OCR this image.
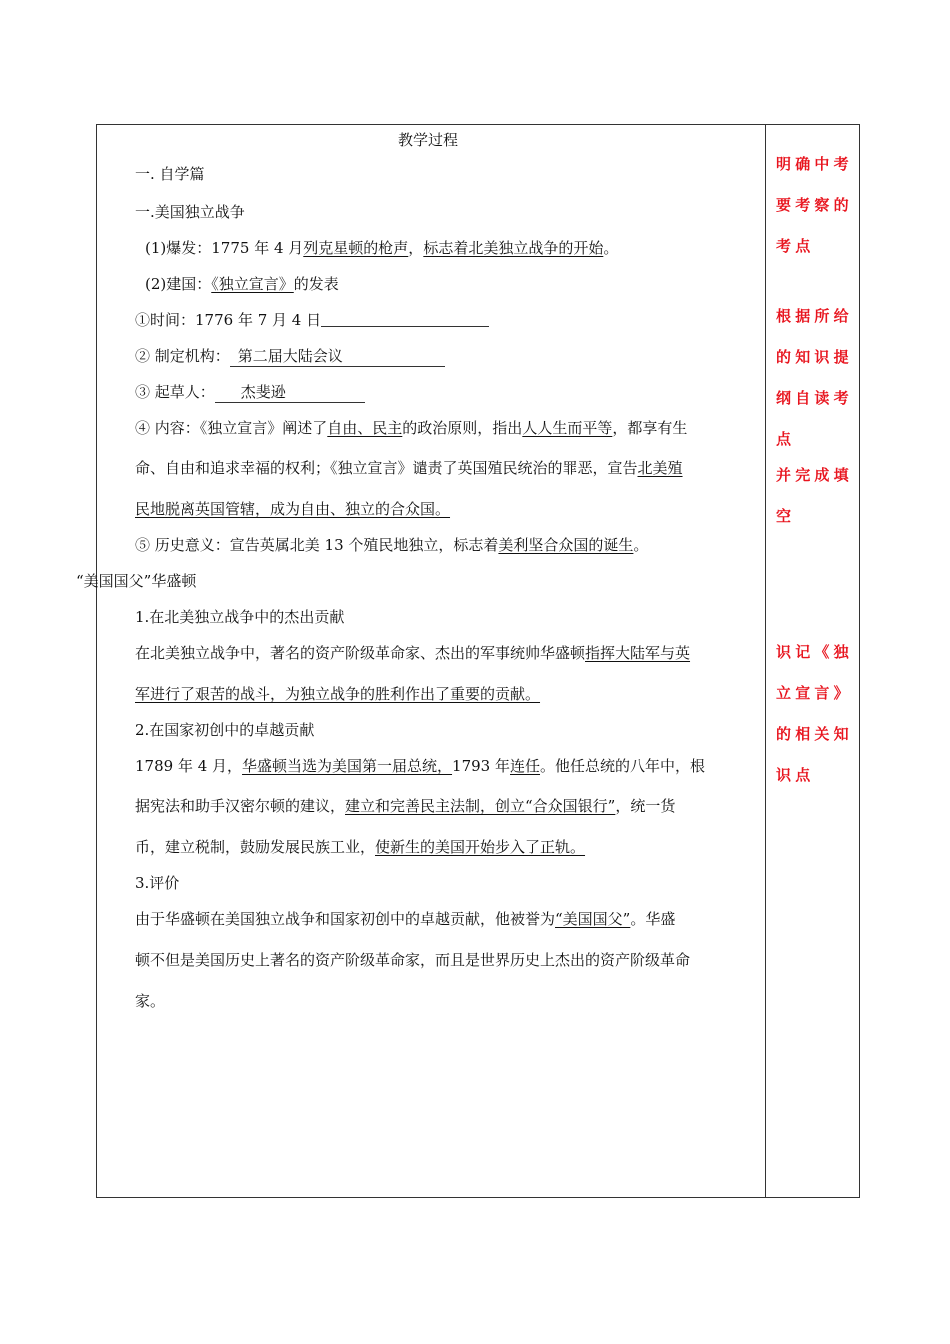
教学过程
一. 自学篇
一.美国独立战争
(1)爆发：1775 年 4 月列克星顿的枪声，标志着北美独立战争的开始。
(2)建国：《独立宣言》的发表
①时间：1776 年 7 月 4 日
② 制定机构： 第二届大陆会议
③ 起草人： 杰斐逊
④ 内容：《独立宣言》阐述了自由、民主的政治原则，指出人人生而平等，都享有生
命、自由和追求幸福的权利；《独立宣言》谴责了英国殖民统治的罪恶，宣告北美殖
民地脱离英国管辖，成为自由、独立的合众国。
⑤ 历史意义：宣告英属北美 13 个殖民地独立，标志着美利坚合众国的诞生。
“美国国父”华盛顿
1.在北美独立战争中的杰出贡献
在北美独立战争中，著名的资产阶级革命家、杰出的军事统帅华盛顿指挥大陆军与英
军进行了艰苦的战斗，为独立战争的胜利作出了重要的贡献。
2.在国家初创中的卓越贡献
1789 年 4 月，华盛顿当选为美国第一届总统，1793 年连任。他任总统的八年中，根
据宪法和助手汉密尔顿的建议，建立和完善民主法制，创立“合众国银行”，统一货
币，建立税制，鼓励发展民族工业，使新生的美国开始步入了正轨。
3.评价
由于华盛顿在美国独立战争和国家初创中的卓越贡献，他被誉为“美国国父”。华盛
顿不但是美国历史上著名的资产阶级革命家，而且是世界历史上杰出的资产阶级革命
家。
明确中考
要考察的
考点
根据所给
的知识提
纲自读考
点
并完成填
空
识记《独
立宣言》
的相关知
识点
